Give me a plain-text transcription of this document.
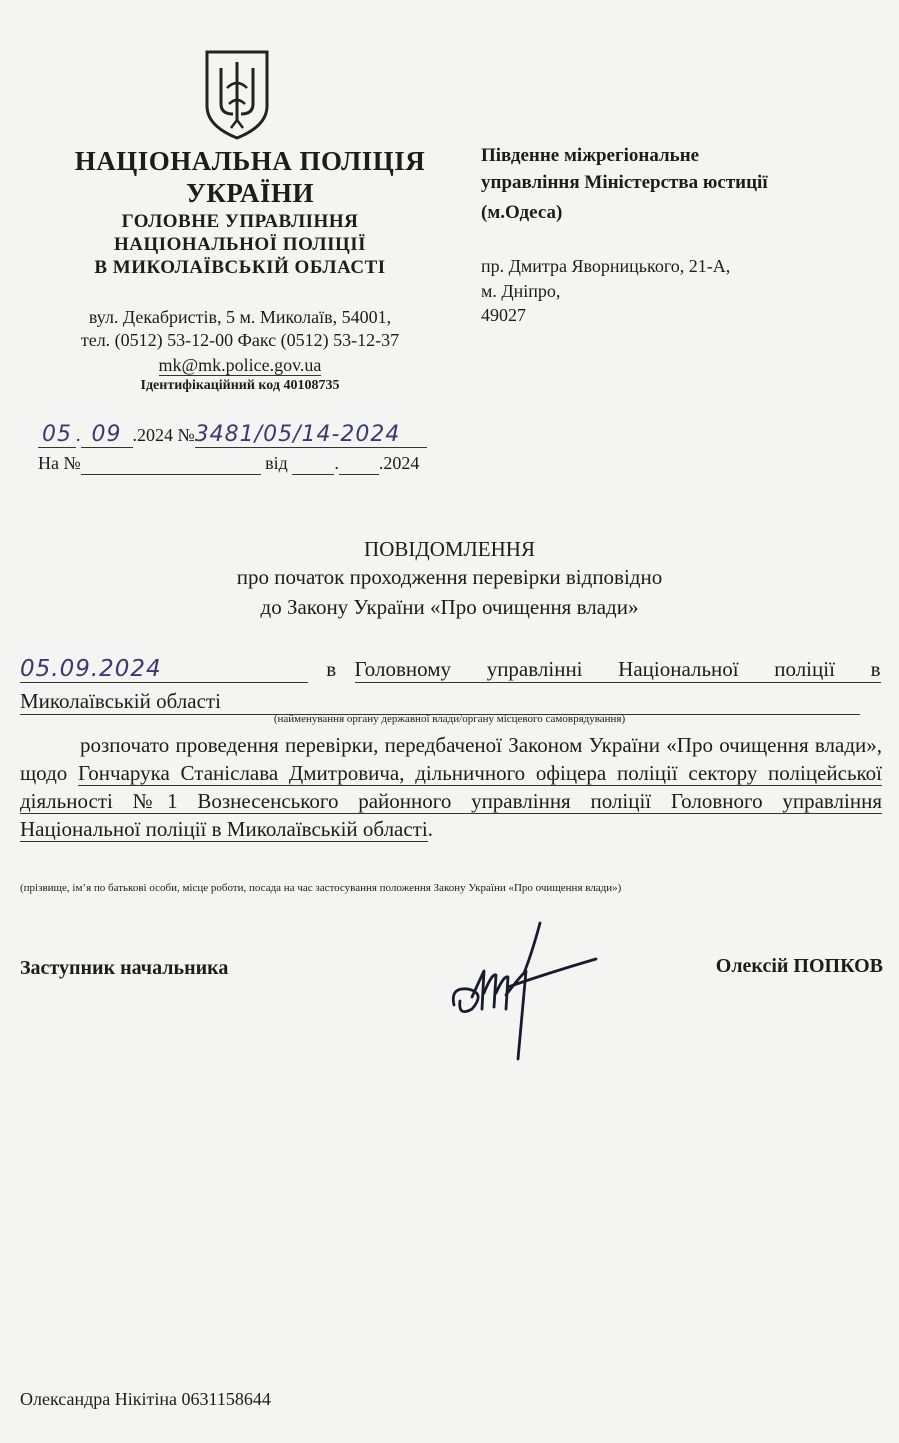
НАЦІОНАЛЬНА ПОЛІЦІЯ
УКРАЇНИ
ГОЛОВНЕ УПРАВЛІННЯ
НАЦІОНАЛЬНОЇ ПОЛІЦІЇ
В МИКОЛАЇВСЬКІЙ ОБЛАСТІ
вул. Декабристів, 5 м. Миколаїв, 54001,
тел. (0512) 53-12-00 Факс (0512) 53-12-37
mk@mk.police.gov.ua
Ідентифікаційний код 40108735
Південне міжрегіональне
управління Міністерства юстиції
(м.Одеса)
пр. Дмитра Яворницького, 21-А,
м. Дніпро,
49027
05 . 09 .2024 №3481/05/14-2024
На №	від	. .2024
ПОВІДОМЛЕННЯ
про початок проходження перевірки відповідно
до Закону України «Про очищення влади»
05.09.2024	в Головному управлінні Національної поліції в
Миколаївській області
(найменування органу державної влади/органу місцевого самоврядування)
розпочато проведення перевірки, передбаченої Законом України «Про очищення влади», щодо Гончарука Станіслава Дмитровича, дільничного офіцера поліції сектору поліцейської діяльності №1 Вознесенського районного управління поліції Головного управління Національної поліції в Миколаївській області.
(прізвище, ім’я по батькові особи, місце роботи, посада на час застосування положення Закону України «Про очищення влади»)
Заступник начальника	Олексій ПОПКОВ
Олександра Нікітіна 0631158644
